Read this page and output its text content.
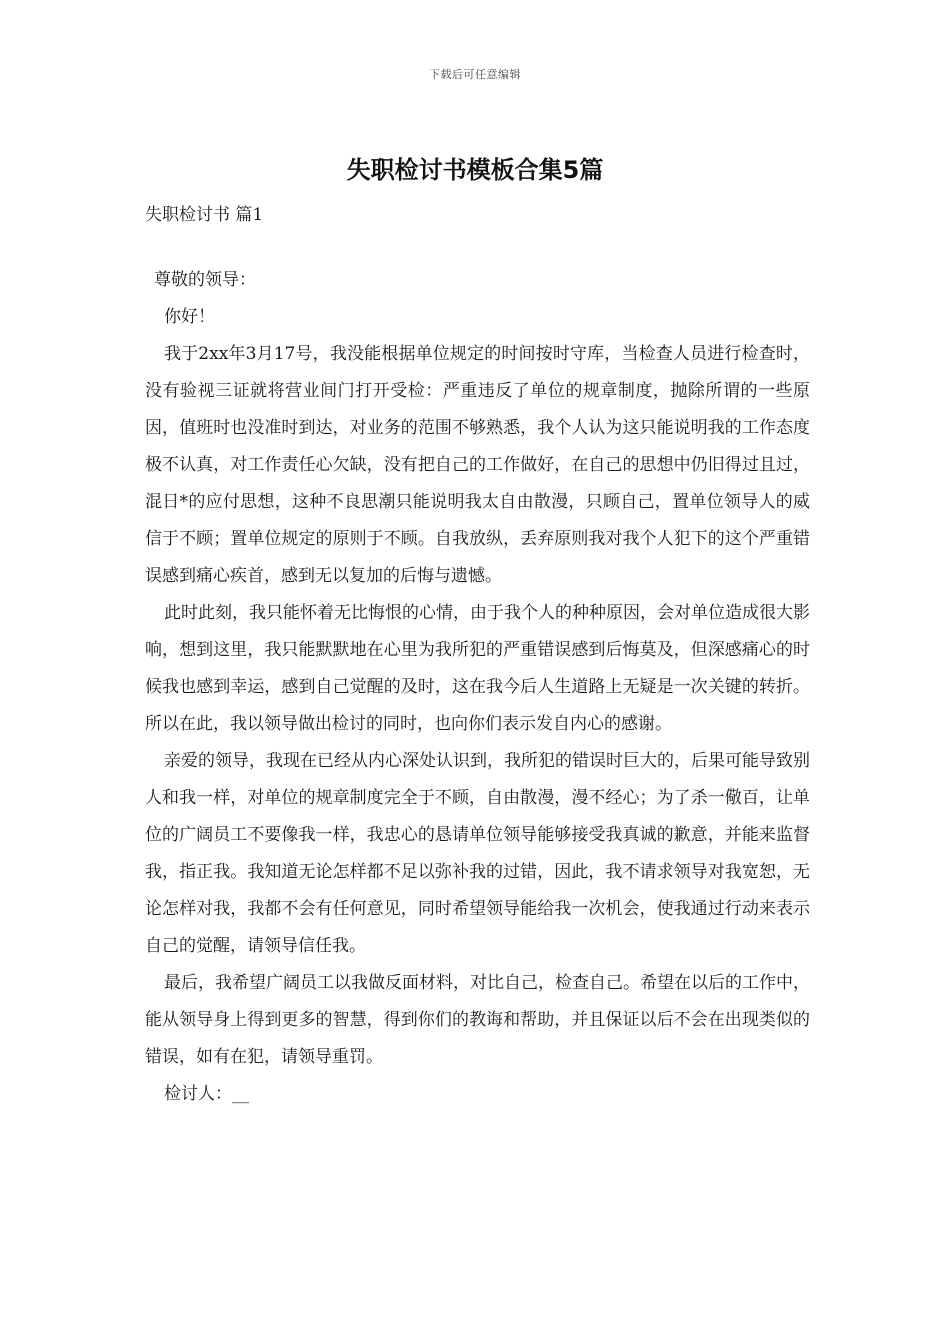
下载后可任意编辑
失职检讨书模板合集5篇
失职检讨书 篇1

尊敬的领导：

你好！

我于2xx年3月17号，我没能根据单位规定的时间按时守库，当检查人员进行检查时，没有验视三证就将营业间门打开受检：严重违反了单位的规章制度，抛除所谓的一些原因，值班时也没准时到达，对业务的范围不够熟悉，我个人认为这只能说明我的工作态度极不认真，对工作责任心欠缺，没有把自己的工作做好，在自己的思想中仍旧得过且过，混日*的应付思想，这种不良思潮只能说明我太自由散漫，只顾自己，置单位领导人的威信于不顾；置单位规定的原则于不顾。自我放纵，丢弃原则我对我个人犯下的这个严重错误感到痛心疾首，感到无以复加的后悔与遗憾。

此时此刻，我只能怀着无比悔恨的心情，由于我个人的种种原因，会对单位造成很大影响，想到这里，我只能默默地在心里为我所犯的严重错误感到后悔莫及，但深感痛心的时候我也感到幸运，感到自己觉醒的及时，这在我今后人生道路上无疑是一次关键的转折。所以在此，我以领导做出检讨的同时，也向你们表示发自内心的感谢。

亲爱的领导，我现在已经从内心深处认识到，我所犯的错误时巨大的，后果可能导致别人和我一样，对单位的规章制度完全于不顾，自由散漫，漫不经心；为了杀一儆百，让单位的广阔员工不要像我一样，我忠心的恳请单位领导能够接受我真诚的歉意，并能来监督我，指正我。我知道无论怎样都不足以弥补我的过错，因此，我不请求领导对我宽恕，无论怎样对我，我都不会有任何意见，同时希望领导能给我一次机会，使我通过行动来表示自己的觉醒，请领导信任我。

最后，我希望广阔员工以我做反面材料，对比自己，检查自己。希望在以后的工作中，能从领导身上得到更多的智慧，得到你们的教诲和帮助，并且保证以后不会在出现类似的错误，如有在犯，请领导重罚。

检讨人：__
